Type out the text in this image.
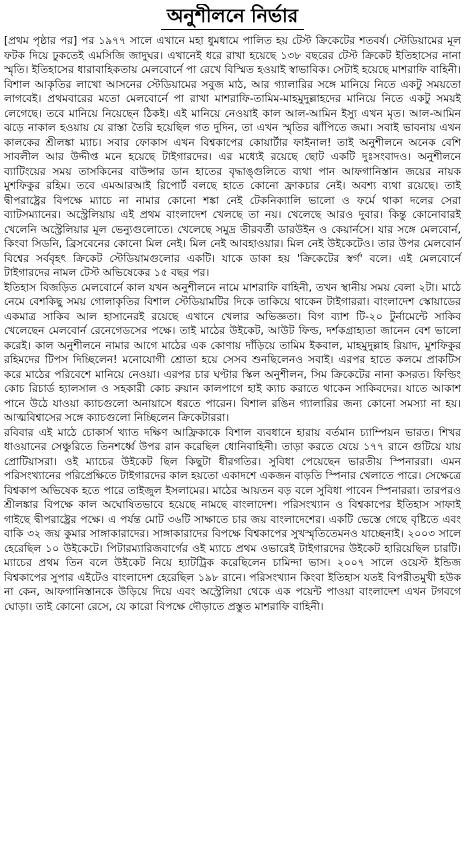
অনুশীলনে নির্ভার

[প্রথম পৃষ্ঠার পর] পর ১৯৭৭ সালে এখানে মহা ধুমধামে পালিত হয় টেস্ট ক্রিকেটের শতবর্ষ। স্টেডিয়ামের মূল ফটক দিয়ে ঢুকতেই এমসিজি জাদুঘর। এখানেই ধরে রাখা হয়েছে ১৩৮ বছরের টেস্ট ক্রিকেট ইতিহাসের নানা স্মৃতি। ইতিহাসের ধারাবাহিকতায় মেলবোর্নে পা রেখে বিস্মিত হওয়াই স্বাভাবিক। সেটাই হয়েছে মাশরাফি বাহিনী। বিশাল আকৃতির লাখো আসনের স্টেডিয়ামের সবুজ মাঠ, আর গ্যালারির সঙ্গে মানিয়ে নিতে একটু সময়তো লাগবেই। প্রথমবারের মতো মেলবোর্নে পা রাখা মাশরাফি-তামিম-মাহমুদুল্লাহদের মানিয়ে নিতে একটু সময়ই লেগেছে। তবে মানিয়ে নিয়েছেন ঠিকই। এই মানিয়ে নেওয়াই কাল আল-আমিন ইস্যু এখন মৃত। আল-আমিন ঝড়ে নাকাল হওয়ায় যে রাস্তা তৈরি হয়েছিল গত দুদিন, তা এখন স্মৃতির ঝাঁপিতে জমা। সবাই ভাবনায় এখন কালকের শ্রীলঙ্কা ম্যাচ। সবার ফোকাস এখন বিশ্বকাপের কোয়ার্টার ফাইনাল! তাই অনুশীলনে অনেক বেশি সাবলীল আর উদ্দীপ্ত মনে হয়েছে টাইগারদের। এর মধ্যেই রয়েছে ছোট একটি দুঃসংবাদও। অনুশীলনে ব্যাটিংয়ের সময় তাসকিনের বাউন্সার ডান হাতের বৃদ্ধাঙ্গুলিতে ব্যথা পান আফগানিস্তান জয়ের নায়ক মুশফিকুর রহিম। তবে এমআরআই রিপোর্ট বলছে হাতে কোনো ফ্রাকচার নেই। অবশ্য ব্যথা রয়েছে। তাই দ্বীপরাষ্ট্রের বিপক্ষে ম্যাচে না নামার কোনো শঙ্কা নেই টেকনিক্যালি ভালো ও ফর্মে থাকা দলের সেরা ব্যাটসম্যানের। অস্ট্রেলিয়ায় এই প্রথম বাংলাদেশ খেলছে তা নয়। খেলেছে আরও দুবার। কিন্তু কোনোবারই খেলেনি অস্ট্রেলিয়ার মূল ভেন্যুগুলোতে। খেলেছে সমুদ্র তীরবর্তী ডারউইন ও কেয়ার্নসে। যার সঙ্গে মেলবোর্ন, কিংবা সিডনি, ব্রিসবেনের কোনো মিল নেই। মিল নেই আবহাওয়ার। মিল নেই উইকেটেও। তার উপর মেলবোর্ন বিশ্বের সর্ববৃহৎ ক্রিকেট স্টেডিয়ামগুলোর একটি। যাকে ডাকা হয় 'ক্রিকেটের স্বর্গ' বলে। এই মেলবোর্নে টাইগারদের নামল টেস্ট অভিষেকের ১৫ বছর পর।

ইতিহাস বিজড়িত মেলবোর্নে কাল যখন অনুশীলনে নামে মাশরাফি বাহিনী, তখন স্থানীয় সময় বেলা ২টা। মাঠে নেমে বেশকিছু সময় গোলাকৃতির বিশাল স্টেডিয়ামটির দিকে তাকিয়ে থাকেন টাইগাররা। বাংলাদেশ স্কোয়াডের একমাত্র সাকিব আল হাসানেরই রয়েছে এখানে খেলার অভিজ্ঞতা। বিগ ব্যাশ টি-২০ টুর্নামেন্টে সাকিব খেলেছেন মেলবোর্ন রেনেগেডসের পক্ষে। তাই মাঠের উইকেট, আউট ফিল্ড, দর্শকগ্রাহ্যতা জানেন বেশ ভালো করেই। কাল অনুশীলনে নামার আগে মাঠের এক কোণায় দাঁড়িয়ে তামিম ইকবাল, মাহমুদুল্লাহ রিয়াদ, মুশফিকুর রহিমদের টিপস দিচ্ছিলেন! মনোযোগী শ্রোতা হয়ে সেসব শুনছিলেনও সবাই। এরপর হাতে কলমে প্রাকটিস করে মাঠের পরিবেশে মানিয়ে নেওয়া। এরপর চার ঘণ্টার স্কিল অনুশীলন, সিম ক্রিকেটের নানা কসরত। ফিল্ডিং কোচ রিচার্ড হ্যালসাল ও সহকারী কোচ রুয়ান কালপাগে হাই ক্যাচ করাতে থাকেন সাকিবদের। যাতে আকাশ পানে উঠে যাওয়া ক্যাচগুলো অনায়াসে ধরতে পারেন। বিশাল রঙিন গ্যালারির জন্য কোনো সমস্যা না হয়। আত্মবিশ্বাসের সঙ্গে ক্যাচগুলো নিচ্ছিলেন ক্রিকেটাররা।

রবিবার এই মাঠে চোকার্স খ্যাত দক্ষিণ আফ্রিকাকে বিশাল ব্যবধানে হারায় বর্তমান চ্যাম্পিয়ন ভারত। শিখর ধাওয়ানের সেঞ্চুরিতে তিনশর্ধ্বে উপর রান করেছিল ধোনিবাহিনী। তাড়া করতে যেয়ে ১৭৭ রানে গুটিয়ে যায় প্রোটিয়াসরা। ওই ম্যাচের উইকেট ছিল কিছুটা ধীরগতির। সুবিধা পেয়েছেন ভারতীয় স্পিনাররা। এমন পরিসংখ্যানের পরিপ্রেক্ষিতে টাইগারদের কাল হয়তো একাদশে একজন বাড়তি স্পিনার খেলাতে পারে। সেক্ষেত্রে বিশ্বকাপ অভিষেক হতে পারে তাইজুল ইসলামের। মাঠের আয়তন বড় বলে সুবিধা পাবেন স্পিনাররা। তারপরও শ্রীলঙ্কার বিপক্ষে কাল অঘোষিতভাবে হয়েছে নামছে বাংলাদেশ। পরিসংখ্যান ও বিশ্বকাপের ইতিহাস সাফাই গাইছে দ্বীপরাষ্ট্রের পক্ষে। এ পর্যন্ত মোট ৩৬টি সাক্ষাতে চার জয় বাংলাদেশের। একটি ভেস্তে গেছে বৃষ্টিতে এবং বাকি ৩২ জয় কুমার সাঙ্গাকারাদের। সাঙ্গাকারাদের বিপক্ষে বিশ্বকাপের সুখস্মৃতিতেমনও যাচ্ছেনাই। ২০০৩ সালে হেরেছিল ১০ উইকেটে। পিটারম্যারিজবার্গের ওই ম্যাচে প্রথম ওভারেই টাইগারদের উইকেট হারিয়েছিল চারটি। ম্যাচের প্রথম তিন বলে উইকেট নিয়ে হ্যাটট্রিক করেছিলেন চামিন্দা ভাস। ২০০৭ সালে ওয়েস্ট ইন্ডিজ বিশ্বকাপের সুপার এইটেও বাংলাদেশ হেরেছিল ১৯৮ রানে। পরিসংখ্যান কিংবা ইতিহাস যতই বিপরীতমুখী হউক না কেন, আফগানিস্তানকে উড়িয়ে দিয়ে এবং অস্ট্রেলিয়া থেকে এক পয়েন্ট পাওয়া বাংলাদেশ এখন টগবগে ঘোড়া। তাই কোনো রেসে, যে কারো বিপক্ষে দৌড়াতে প্রস্তুত মাশরাফি বাহিনী।
